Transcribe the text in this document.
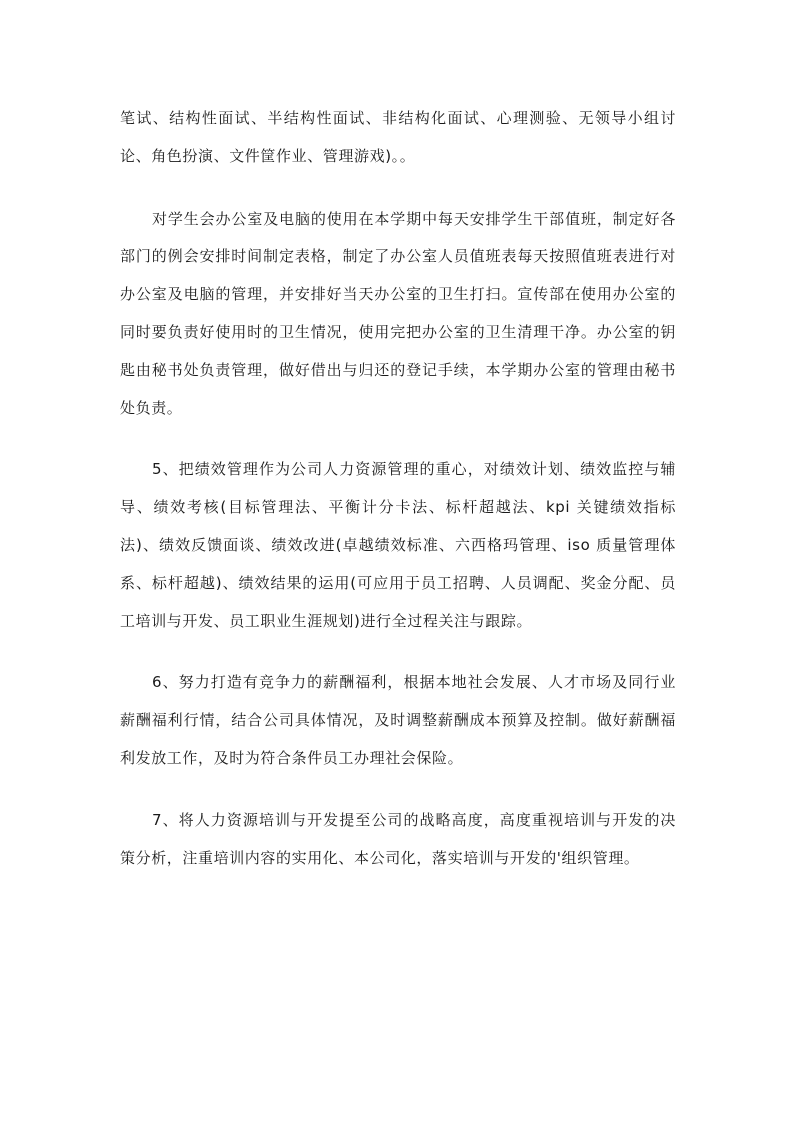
笔试、结构性面试、半结构性面试、非结构化面试、心理测验、无领导小组讨论、角色扮演、文件筐作业、管理游戏)。。

对学生会办公室及电脑的使用在本学期中每天安排学生干部值班，制定好各部门的例会安排时间制定表格，制定了办公室人员值班表每天按照值班表进行对办公室及电脑的管理，并安排好当天办公室的卫生打扫。宣传部在使用办公室的同时要负责好使用时的卫生情况，使用完把办公室的卫生清理干净。办公室的钥匙由秘书处负责管理，做好借出与归还的登记手续，本学期办公室的管理由秘书处负责。

5、把绩效管理作为公司人力资源管理的重心，对绩效计划、绩效监控与辅导、绩效考核(目标管理法、平衡计分卡法、标杆超越法、kpi 关键绩效指标法)、绩效反馈面谈、绩效改进(卓越绩效标准、六西格玛管理、iso 质量管理体系、标杆超越)、绩效结果的运用(可应用于员工招聘、人员调配、奖金分配、员工培训与开发、员工职业生涯规划)进行全过程关注与跟踪。

6、努力打造有竞争力的薪酬福利，根据本地社会发展、人才市场及同行业薪酬福利行情，结合公司具体情况，及时调整薪酬成本预算及控制。做好薪酬福利发放工作，及时为符合条件员工办理社会保险。

7、将人力资源培训与开发提至公司的战略高度，高度重视培训与开发的决策分析，注重培训内容的实用化、本公司化，落实培训与开发的'组织管理。
